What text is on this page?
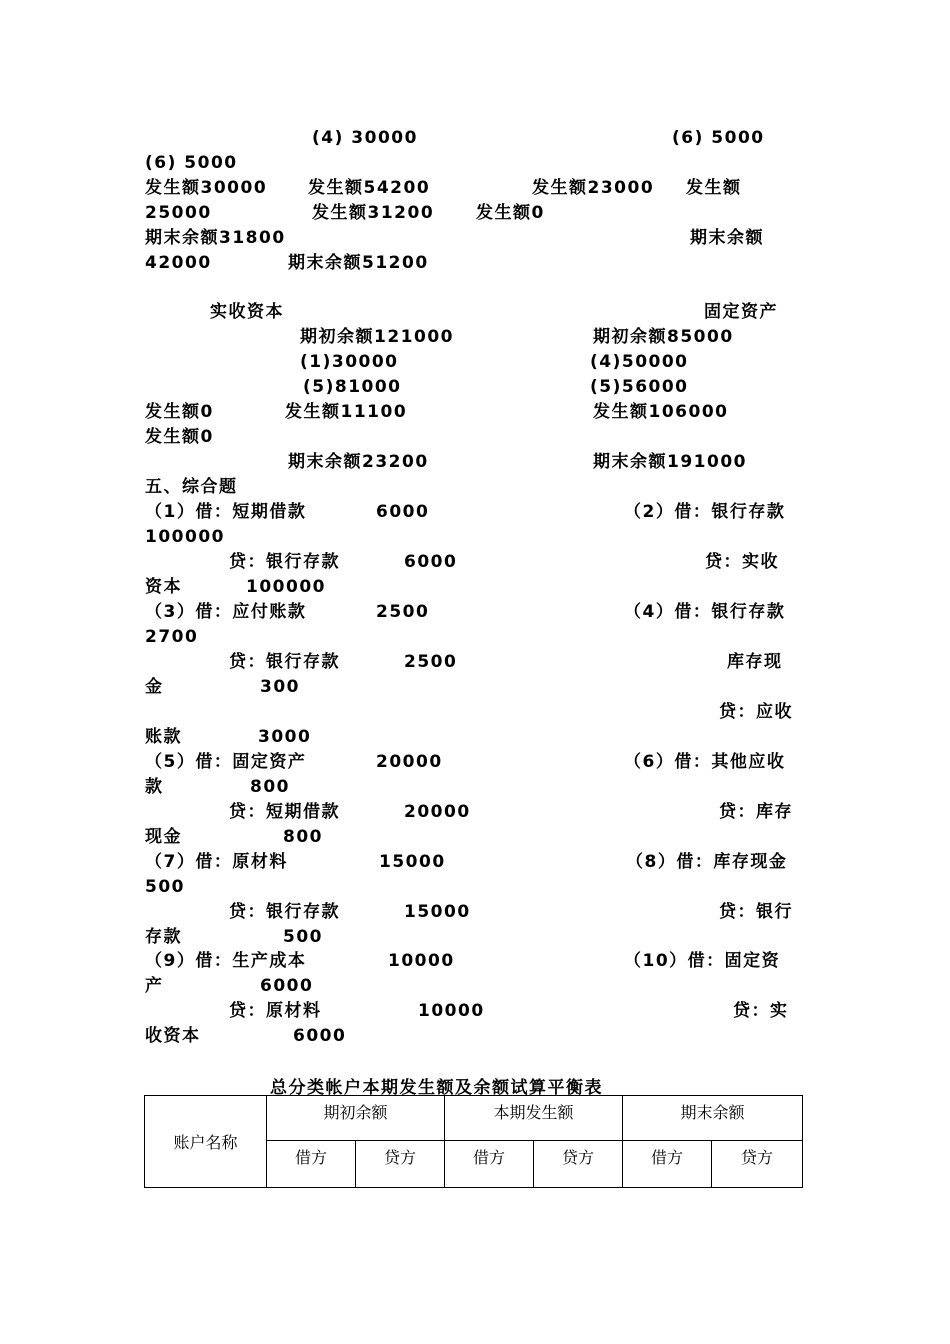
(4) 30000	(6) 5000
(6) 5000
发生额30000 发生额54200	发生额23000 发生额
25000	发生额31200 发生额0
期末余额31800	期末余额
42000	期末余额51200
实收资本	固定资产
期初余额121000	期初余额85000
(1)30000	(4)50000
(5)81000	(5)56000
发生额0	发生额11100	发生额106000
发生额0
期末余额23200	期末余额191000
五、综合题
（1）借：短期借款	6000	（2）借：银行存款
100000
贷：银行存款	6000	贷：实收
资本	100000
（3）借：应付账款	2500	（4）借：银行存款
2700
贷：银行存款	2500	库存现
金	300
贷：应收
账款	3000
（5）借：固定资产	20000	（6）借：其他应收
款	800
贷：短期借款	20000	贷：库存
现金	800
（7）借：原材料	15000	（8）借：库存现金
500
贷：银行存款	15000	贷：银行
存款	500
（9）借：生产成本	10000	（10）借：固定资
产	6000
贷：原材料	10000	贷：实
收资本	6000
总分类帐户本期发生额及余额试算平衡表
账户名称	期初余额		本期发生额		期末余额	
	借方	贷方	借方	贷方	借方	贷方
